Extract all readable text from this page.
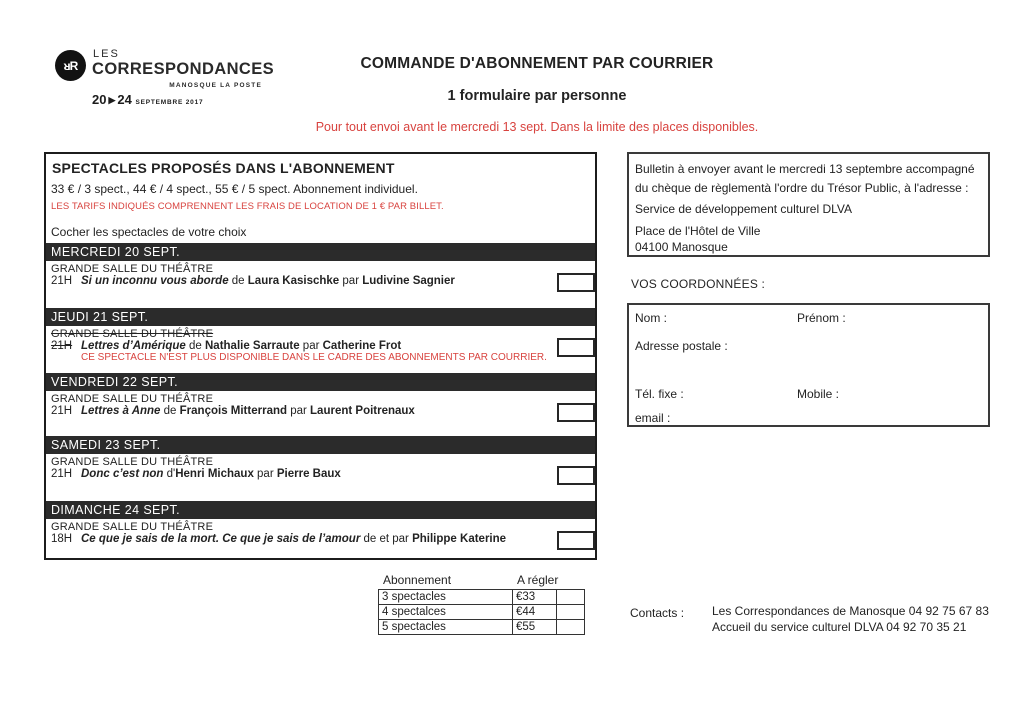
ᴚR
LES
CORRESPONDANCES
MANOSQUE LA POSTE
20 ▶ 24 SEPTEMBRE 2017
COMMANDE D'ABONNEMENT PAR COURRIER
1 formulaire par personne
Pour tout envoi avant le mercredi 13 sept. Dans la limite des places disponibles.
SPECTACLES PROPOSÉS DANS L'ABONNEMENT
33 € / 3 spect., 44 € / 4 spect., 55 € / 5 spect. Abonnement individuel.
LES TARIFS INDIQUÉS COMPRENNENT LES FRAIS DE LOCATION DE 1 € PAR BILLET.
Cocher les spectacles de votre choix
MERCREDI 20 SEPT.
GRANDE SALLE DU THÉÂTRE
21H Si un inconnu vous aborde de Laura Kasischke par Ludivine Sagnier
JEUDI 21 SEPT.
GRANDE SALLE DU THÉÂTRE
21H Lettres d’Amérique de Nathalie Sarraute par Catherine Frot
CE SPECTACLE N'EST PLUS DISPONIBLE DANS LE CADRE DES ABONNEMENTS PAR COURRIER.
VENDREDI 22 SEPT.
GRANDE SALLE DU THÉÂTRE
21H Lettres à Anne de François Mitterrand par Laurent Poitrenaux
SAMEDI 23 SEPT.
GRANDE SALLE DU THÉÂTRE
21H Donc c’est non d'Henri Michaux par Pierre Baux
DIMANCHE 24 SEPT.
GRANDE SALLE DU THÉÂTRE
18H Ce que je sais de la mort. Ce que je sais de l’amour de et par Philippe Katerine
Bulletin à envoyer avant le mercredi 13 septembre accompagné
du chèque de règlementà l'ordre du Trésor Public, à l'adresse :
Service de développement culturel DLVA
Place de l'Hôtel de Ville
04100 Manosque
VOS COORDONNÉES :
Nom :	Prénom :
Adresse postale :
Tél. fixe :	Mobile :
email :
Abonnement	A régler
3 spectacles	€33
4 spectalces	€44
5 spectacles	€55
Contacts : Les Correspondances de Manosque 04 92 75 67 83
Accueil du service culturel DLVA 04 92 70 35 21
